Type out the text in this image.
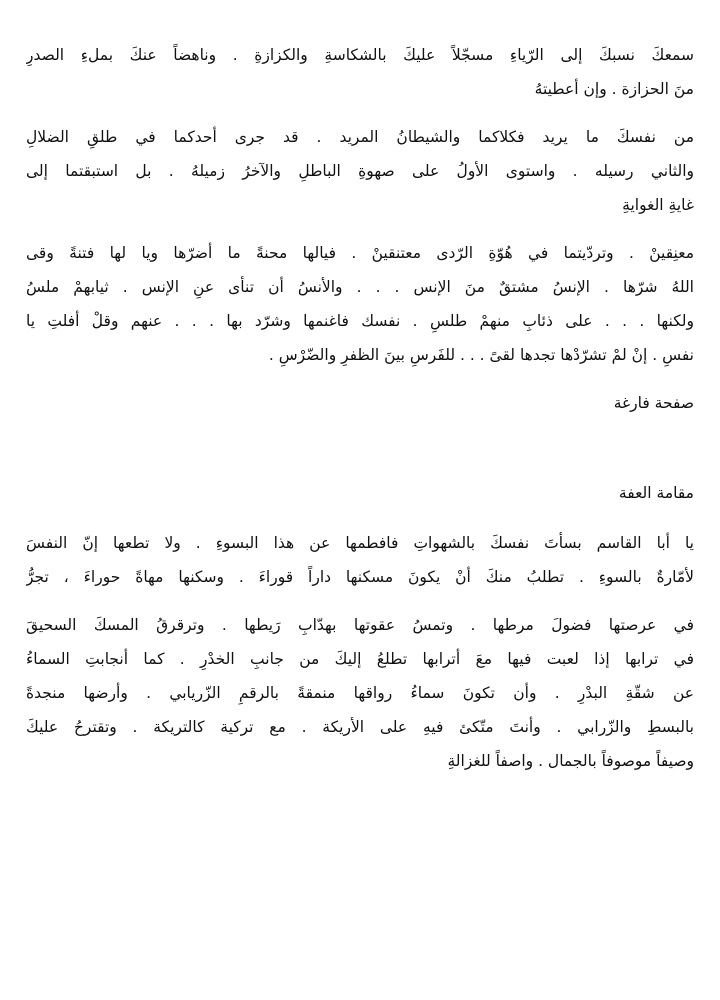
سمعكَ نسبكَ إلى الرّياءِ مسجّلاً عليكَ بالشكاسةِ والكزازةِ . وناهضاً عنكَ بملءِ الصدرِ
منَ الحزازة . وإن أعطيتهُ
من نفسكَ ما يريد فكلاكما والشيطانُ المريد . قد جرى أحدكما في طلقِ الضلالِ
والثاني رسيله . واستوى الأولُ على صهوةِ الباطلِ والآخرُ زميلهُ . بل استبقتما إلى
غايةِ الغوايةِ
معنِقينْ . وتردّيتما في هُوّةِ الرّدى معتنقينْ . فيالها محنةً ما أضرّها ويا لها فتنةً وقى
اللهُ شرّها . الإنسُ مشتقٌ منَ الإنس . . . والأنسُ أن تنأى عنِ الإنس . ثيابهمْ ملسُ
ولكنها . . . على ذئابِ منهمْ طلسِ . نفسك فاغنمها وشرّد بها . . . عنهم وقلْ أفلتِ يا
نفسِ . إنْ لمْ تشرّدْها تجدها لقىً . . . للفَرسِ بينَ الظفرِ والضّرْسِ .

صفحة فارغة

مقامة العفة

يا أبا القاسم بسأتَ نفسكَ بالشهواتِ فافطمها عن هذا البسوءِ . ولا تطعها إنّ النفسَ
لأمّارةٌ بالسوءِ . تطلبُ منكَ أنْ يكونَ مسكنها داراً قوراءَ . وسكنها مهاةً حوراءَ ، تجرُّ
في عرصتها فضولَ مرطها . وتمسُ عقوتها بهدّابِ رَيطها . وترقرقُ المسكَ السحيقَ
في ترابها إذا لعبت فيها معَ أترابها تطلعُ إليكَ من جانبِ الخدْرِ . كما أنجابتِ السماءُ
عن شقّةِ البدْرِ . وأن تكونَ سماءُ رواقها منمقةً بالرقمِ الزّريابي . وأرضها منجدةً
بالبسطِ والزّرابي . وأنتَ متّكئ فيهِ على الأريكة . مع تركية كالتريكة . وتقترحُ عليكَ
وصيفاً موصوفاً بالجمال . واصفاً للغزالةِ
